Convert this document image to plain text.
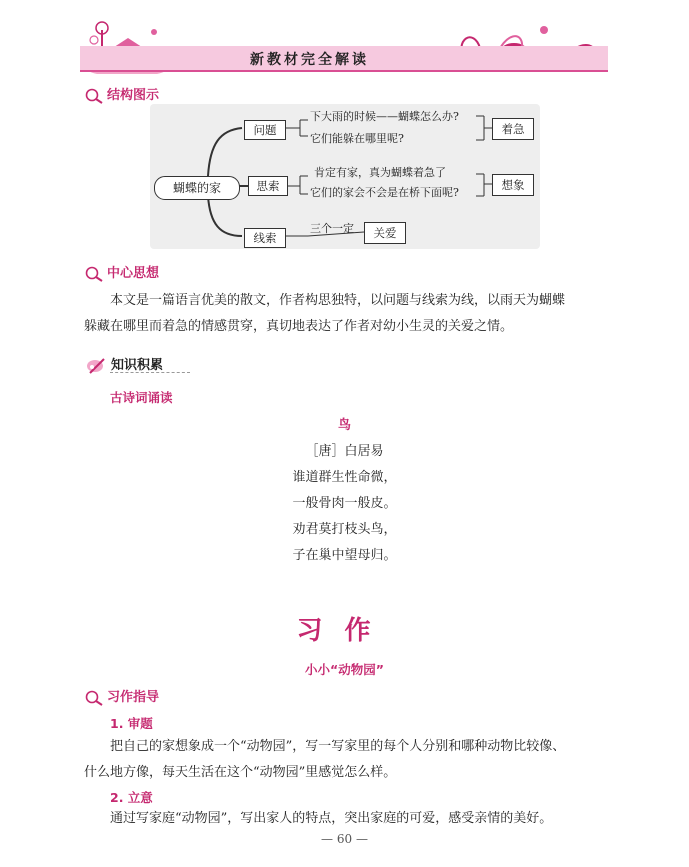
新教材完全解读
结构图示
蝴蝶的家
问题
思索
线索
下大雨的时候——蝴蝶怎么办?
它们能躲在哪里呢?
肯定有家，真为蝴蝶着急了
它们的家会不会是在桥下面呢?
三个一定
着急
想象
关爱
中心思想
本文是一篇语言优美的散文，作者构思独特，以问题与线索为线，以雨天为蝴蝶
躲藏在哪里而着急的情感贯穿，真切地表达了作者对幼小生灵的关爱之情。
知识积累
古诗词诵读
鸟
［唐］白居易
谁道群生性命微，
一般骨肉一般皮。
劝君莫打枝头鸟，
子在巢中望母归。
习作
小小“动物园”
习作指导
1. 审题
把自己的家想象成一个“动物园”，写一写家里的每个人分别和哪种动物比较像、
什么地方像，每天生活在这个“动物园”里感觉怎么样。
2. 立意
通过写家庭“动物园”，写出家人的特点，突出家庭的可爱，感受亲情的美好。
— 60 —
